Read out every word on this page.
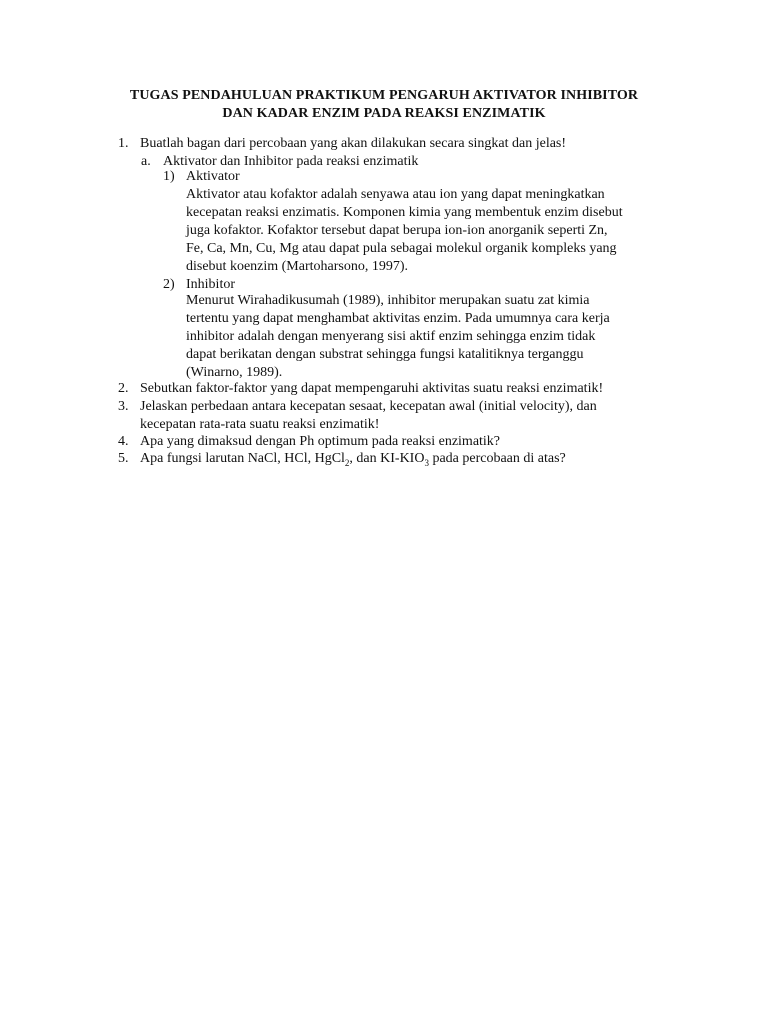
TUGAS PENDAHULUAN PRAKTIKUM PENGARUH AKTIVATOR INHIBITOR
DAN KADAR ENZIM PADA REAKSI ENZIMATIK
1. Buatlah bagan dari percobaan yang akan dilakukan secara singkat dan jelas!
a. Aktivator dan Inhibitor pada reaksi enzimatik
1) Aktivator
Aktivator atau kofaktor adalah senyawa atau ion yang dapat meningkatkan
kecepatan reaksi enzimatis. Komponen kimia yang membentuk enzim disebut
juga kofaktor. Kofaktor tersebut dapat berupa ion-ion anorganik seperti Zn,
Fe, Ca, Mn, Cu, Mg atau dapat pula sebagai molekul organik kompleks yang
disebut koenzim (Martoharsono, 1997).
2) Inhibitor
Menurut Wirahadikusumah (1989), inhibitor merupakan suatu zat kimia
tertentu yang dapat menghambat aktivitas enzim. Pada umumnya cara kerja
inhibitor adalah dengan menyerang sisi aktif enzim sehingga enzim tidak
dapat berikatan dengan substrat sehingga fungsi katalitiknya terganggu
(Winarno, 1989).
2. Sebutkan faktor-faktor yang dapat mempengaruhi aktivitas suatu reaksi enzimatik!
3. Jelaskan perbedaan antara kecepatan sesaat, kecepatan awal (initial velocity), dan
kecepatan rata-rata suatu reaksi enzimatik!
4. Apa yang dimaksud dengan Ph optimum pada reaksi enzimatik?
5. Apa fungsi larutan NaCl, HCl, HgCl$_2$, dan $KI-KIO_3$ pada percobaan di atas?
